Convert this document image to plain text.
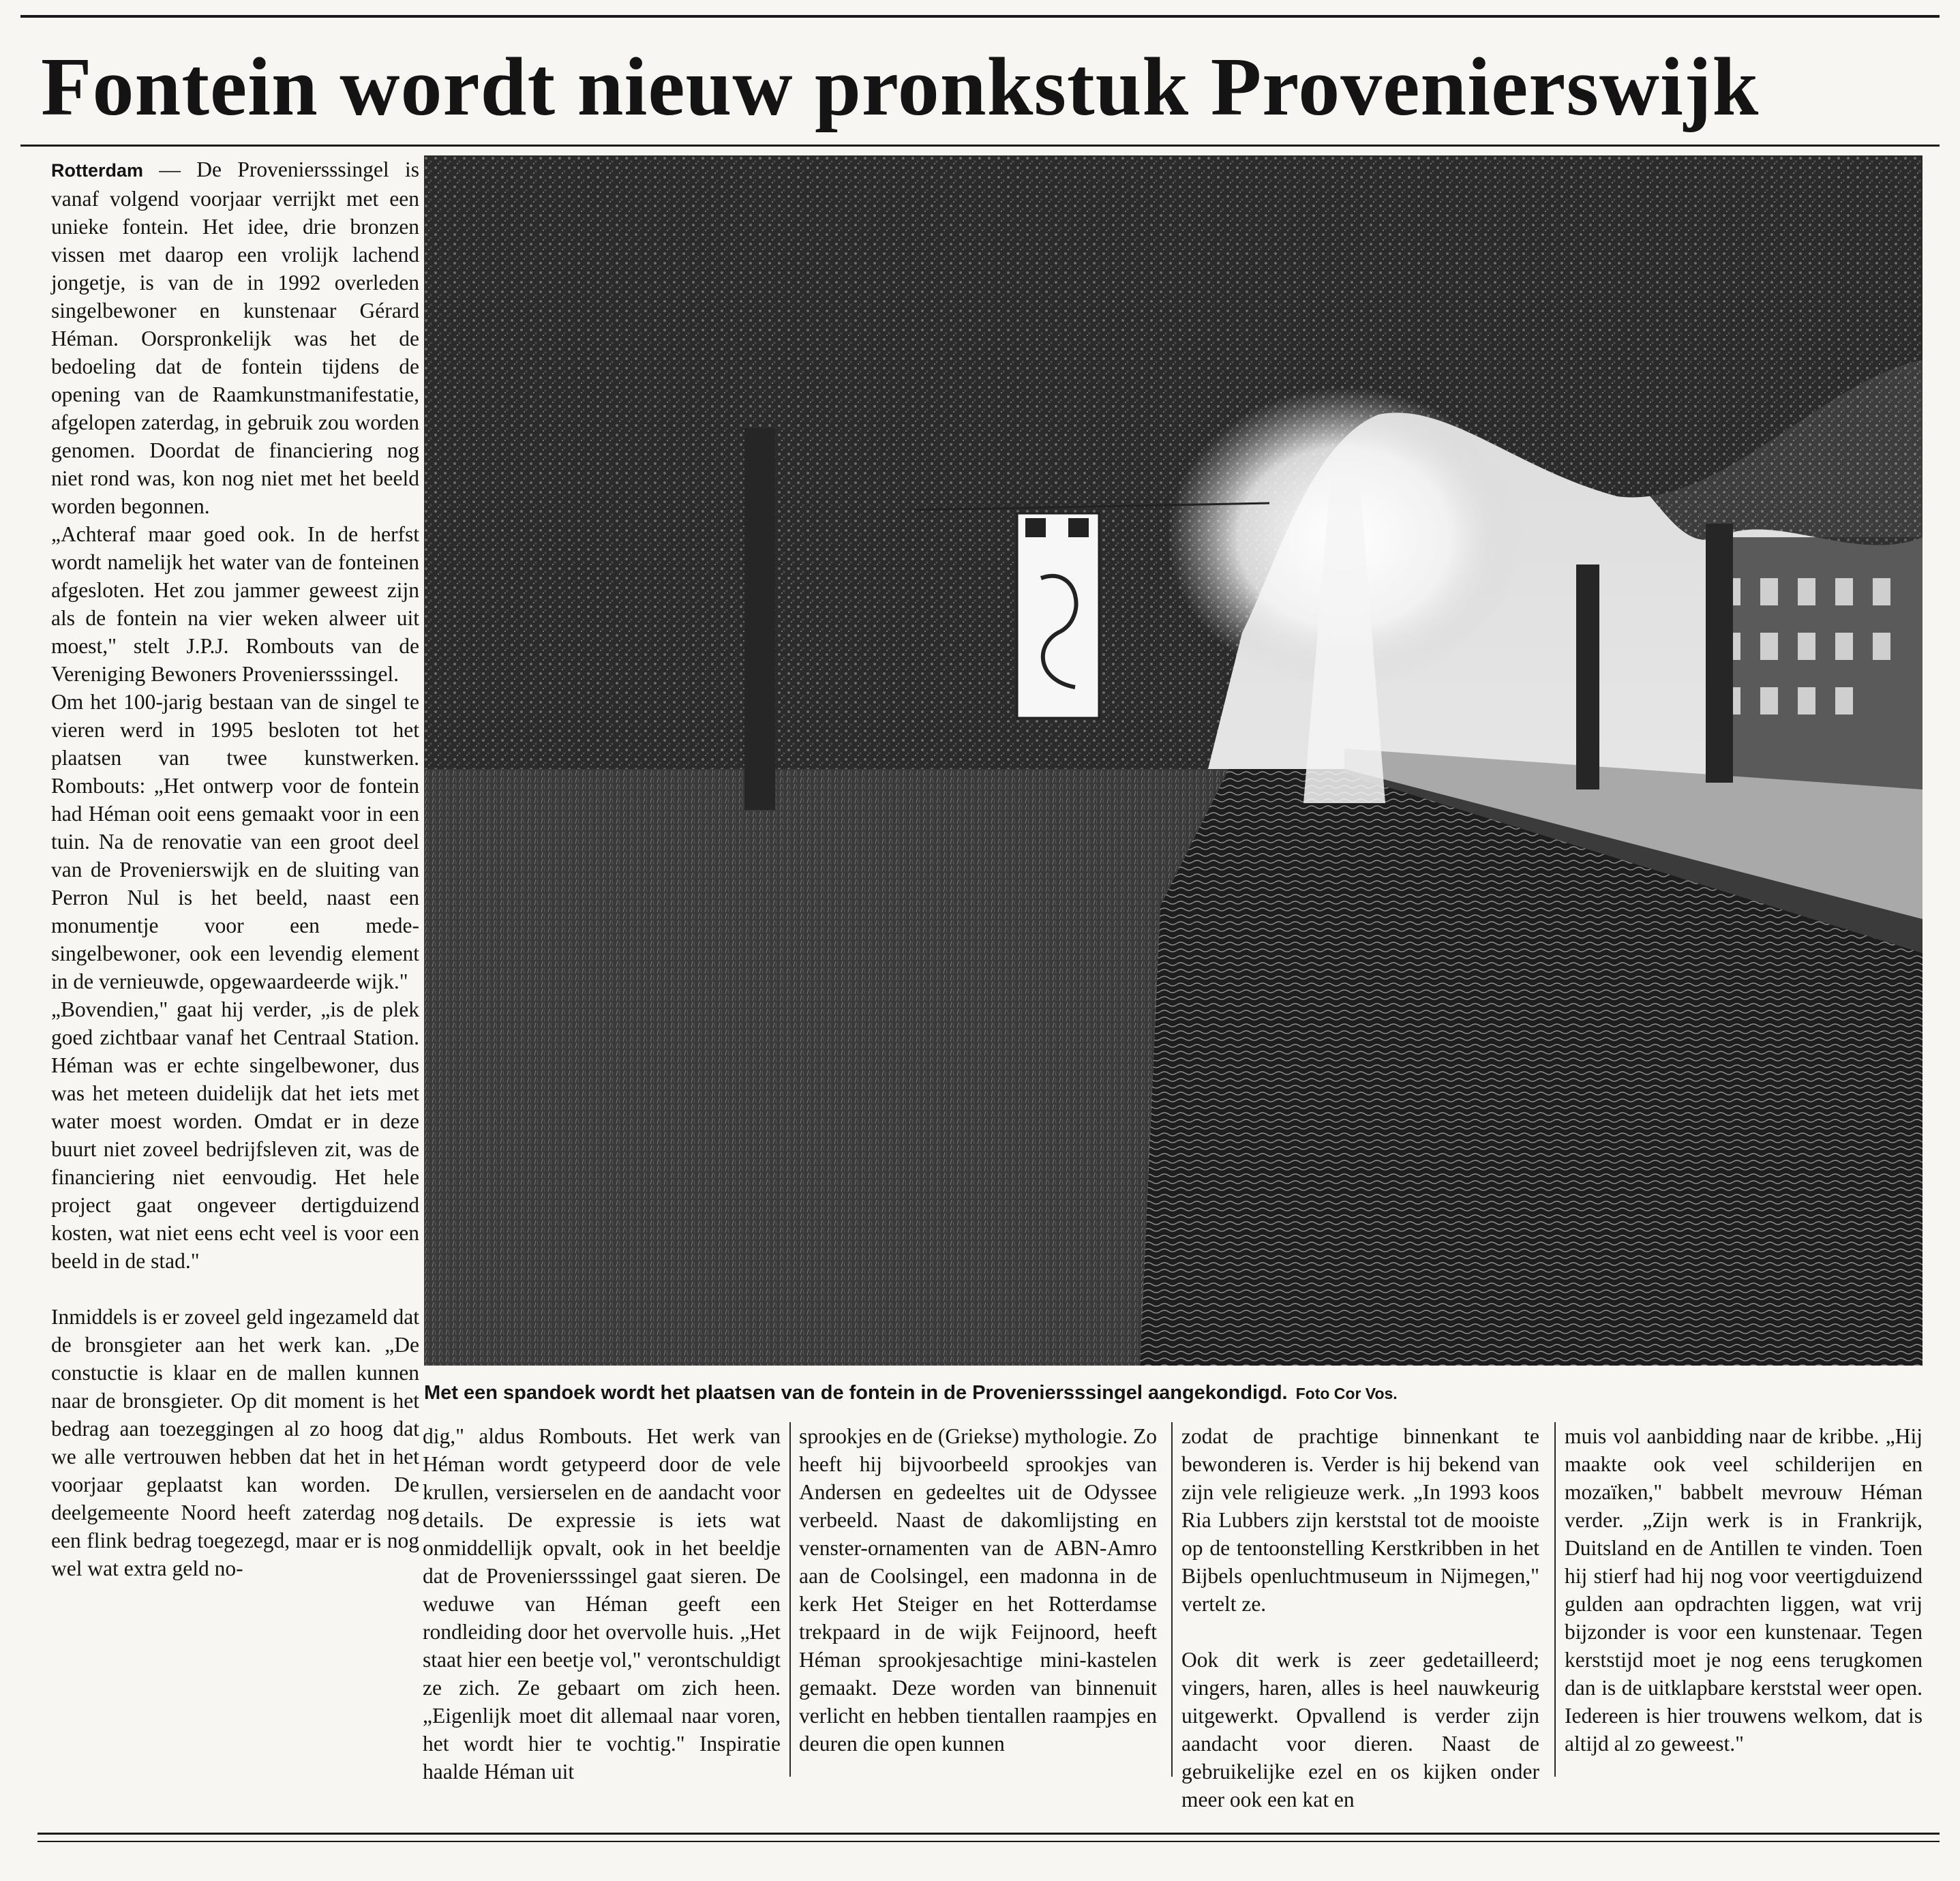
Fontein wordt nieuw pronkstuk Provenierswijk

Rotterdam — De Proveniersssingel is vanaf volgend voorjaar verrijkt met een unieke fontein. Het idee, drie bronzen vissen met daarop een vrolijk lachend jongetje, is van de in 1992 overleden singelbewoner en kunstenaar Gérard Héman. Oorspronkelijk was het de bedoeling dat de fontein tijdens de opening van de Raamkunstmanifestatie, afgelopen zaterdag, in gebruik zou worden genomen. Doordat de financiering nog niet rond was, kon nog niet met het beeld worden begonnen.

„Achteraf maar goed ook. In de herfst wordt namelijk het water van de fonteinen afgesloten. Het zou jammer geweest zijn als de fontein na vier weken alweer uit moest," stelt J.P.J. Rombouts van de Vereniging Bewoners Proveniersssingel.

Om het 100-jarig bestaan van de singel te vieren werd in 1995 besloten tot het plaatsen van twee kunstwerken. Rombouts: „Het ontwerp voor de fontein had Héman ooit eens gemaakt voor in een tuin. Na de renovatie van een groot deel van de Provenierswijk en de sluiting van Perron Nul is het beeld, naast een monumentje voor een mede-singelbewoner, ook een levendig element in de vernieuwde, opgewaardeerde wijk."

„Bovendien," gaat hij verder, „is de plek goed zichtbaar vanaf het Centraal Station. Héman was er echte singelbewoner, dus was het meteen duidelijk dat het iets met water moest worden. Omdat er in deze buurt niet zoveel bedrijfsleven zit, was de financiering niet eenvoudig. Het hele project gaat ongeveer dertigduizend kosten, wat niet eens echt veel is voor een beeld in de stad."

Inmiddels is er zoveel geld ingezameld dat de bronsgieter aan het werk kan. „De constuctie is klaar en de mallen kunnen naar de bronsgieter. Op dit moment is het bedrag aan toezeggingen al zo hoog dat we alle vertrouwen hebben dat het in het voorjaar geplaatst kan worden. De deelgemeente Noord heeft zaterdag nog een flink bedrag toegezegd, maar er is nog wel wat extra geld no-

Met een spandoek wordt het plaatsen van de fontein in de Proveniersssingel aangekondigd. Foto Cor Vos.

dig," aldus Rombouts. Het werk van Héman wordt getypeerd door de vele krullen, versierselen en de aandacht voor details. De expressie is iets wat onmiddellijk opvalt, ook in het beeldje dat de Proveniersssingel gaat sieren. De weduwe van Héman geeft een rondleiding door het overvolle huis. „Het staat hier een beetje vol," verontschuldigt ze zich. Ze gebaart om zich heen. „Eigenlijk moet dit allemaal naar voren, het wordt hier te vochtig." Inspiratie haalde Héman uit

sprookjes en de (Griekse) mythologie. Zo heeft hij bijvoorbeeld sprookjes van Andersen en gedeeltes uit de Odyssee verbeeld. Naast de dakomlijsting en venster-ornamenten van de ABN-Amro aan de Coolsingel, een madonna in de kerk Het Steiger en het Rotterdamse trekpaard in de wijk Feijnoord, heeft Héman sprookjesachtige mini-kastelen gemaakt. Deze worden van binnenuit verlicht en hebben tientallen raampjes en deuren die open kunnen

zodat de prachtige binnenkant te bewonderen is. Verder is hij bekend van zijn vele religieuze werk. „In 1993 koos Ria Lubbers zijn kerststal tot de mooiste op de tentoonstelling Kerstkribben in het Bijbels openluchtmuseum in Nijmegen," vertelt ze.

Ook dit werk is zeer gedetailleerd; vingers, haren, alles is heel nauwkeurig uitgewerkt. Opvallend is verder zijn aandacht voor dieren. Naast de gebruikelijke ezel en os kijken onder meer ook een kat en

muis vol aanbidding naar de kribbe. „Hij maakte ook veel schilderijen en mozaïken," babbelt mevrouw Héman verder. „Zijn werk is in Frankrijk, Duitsland en de Antillen te vinden. Toen hij stierf had hij nog voor veertigduizend gulden aan opdrachten liggen, wat vrij bijzonder is voor een kunstenaar. Tegen kerststijd moet je nog eens terugkomen dan is de uitklapbare kerststal weer open. Iedereen is hier trouwens welkom, dat is altijd al zo geweest."
